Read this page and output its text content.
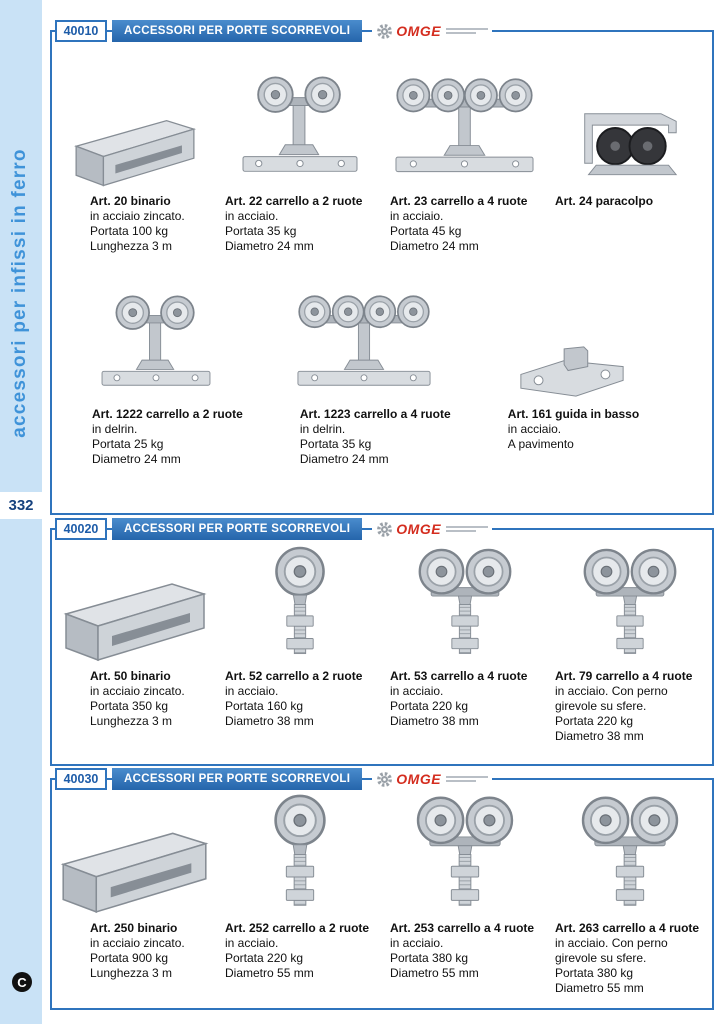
accessori per infissi in ferro
332
C
40010	ACCESSORI PER PORTE SCORREVOLI	OMGE
Art. 20 binario
in acciaio zincato.
Portata 100 kg
Lunghezza 3 m
Art. 22 carrello a 2 ruote
in acciaio.
Portata 35 kg
Diametro 24 mm
Art. 23 carrello a 4 ruote
in acciaio.
Portata 45 kg
Diametro 24 mm
Art. 24 paracolpo
Art. 1222 carrello a 2 ruote
in delrin.
Portata 25 kg
Diametro 24 mm
Art. 1223 carrello a 4 ruote
in delrin.
Portata 35 kg
Diametro 24 mm
Art. 161 guida in basso
in acciaio.
A pavimento
40020	ACCESSORI PER PORTE SCORREVOLI	OMGE
Art. 50 binario
in acciaio zincato.
Portata 350 kg
Lunghezza 3 m
Art. 52 carrello a 2 ruote
in acciaio.
Portata 160 kg
Diametro 38 mm
Art. 53 carrello a 4 ruote
in acciaio.
Portata 220 kg
Diametro 38 mm
Art. 79 carrello a 4 ruote
in acciaio. Con perno
girevole su sfere.
Portata 220 kg
Diametro 38 mm
40030	ACCESSORI PER PORTE SCORREVOLI	OMGE
Art. 250 binario
in acciaio zincato.
Portata 900 kg
Lunghezza 3 m
Art. 252 carrello a 2 ruote
in acciaio.
Portata 220 kg
Diametro 55 mm
Art. 253 carrello a 4 ruote
in acciaio.
Portata 380 kg
Diametro 55 mm
Art. 263 carrello a 4 ruote
in acciaio. Con perno
girevole su sfere.
Portata 380 kg
Diametro 55 mm
